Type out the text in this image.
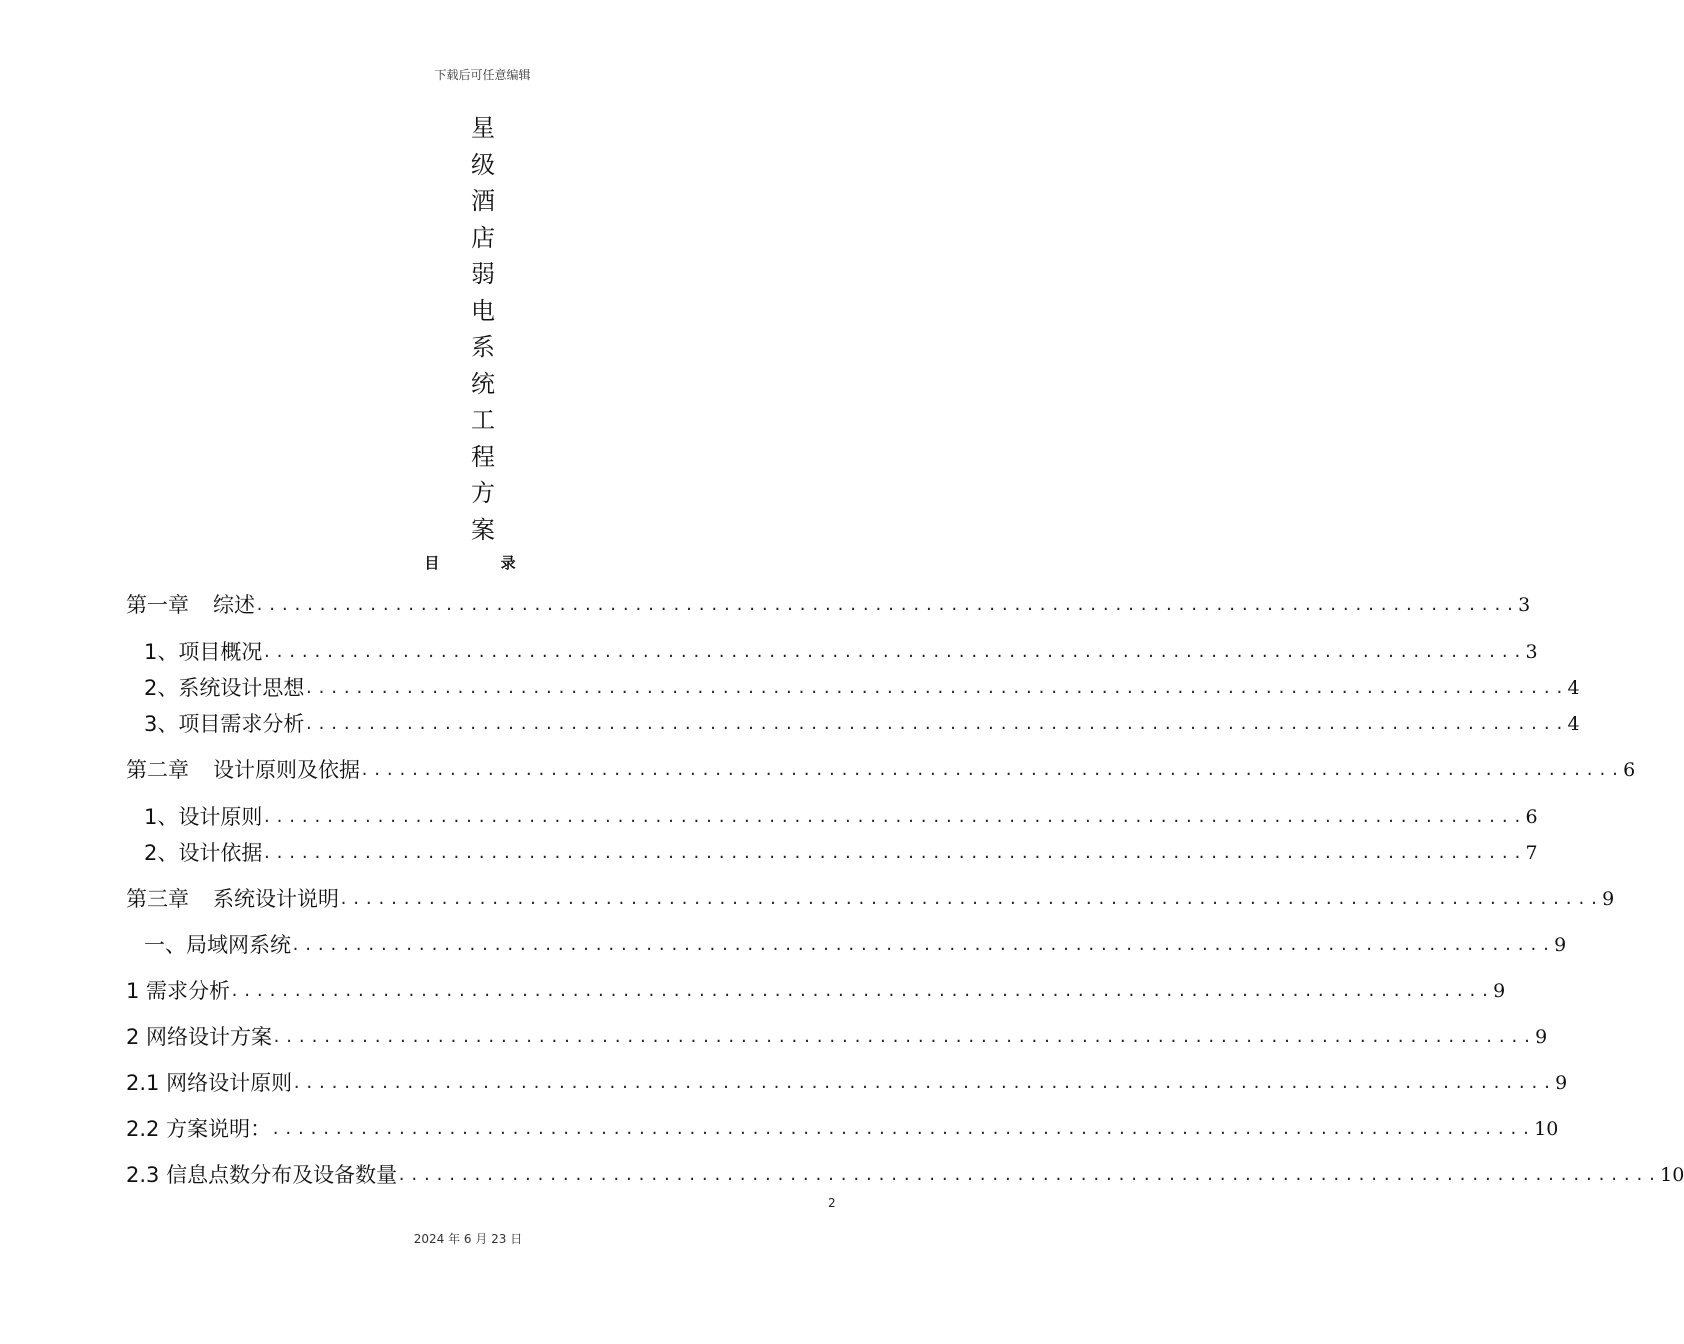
下载后可任意编辑
星
级
酒
店
弱
电
系
统
工
程
方
案
目 录
第一章 综述 .................................................................................................... 3
1、 项目概况 .................................................................................................... 3
2、 系统设计思想 .................................................................................................... 4
3、 项目需求分析 .................................................................................................... 4
第二章 设计原则及依据 .................................................................................................... 6
1、 设计原则 .................................................................................................... 6
2、 设计依据 .................................................................................................... 7
第三章 系统设计说明 .................................................................................................... 9
一、 局域网系统 .................................................................................................... 9
1 需求分析 .................................................................................................... 9
2 网络设计方案 .................................................................................................... 9
2.1 网络设计原则 .................................................................................................... 9
2.2 方案说明： .................................................................................................... 10
2.3 信息点数分布及设备数量 .................................................................................................... 10
2
2024 年 6 月 23 日
